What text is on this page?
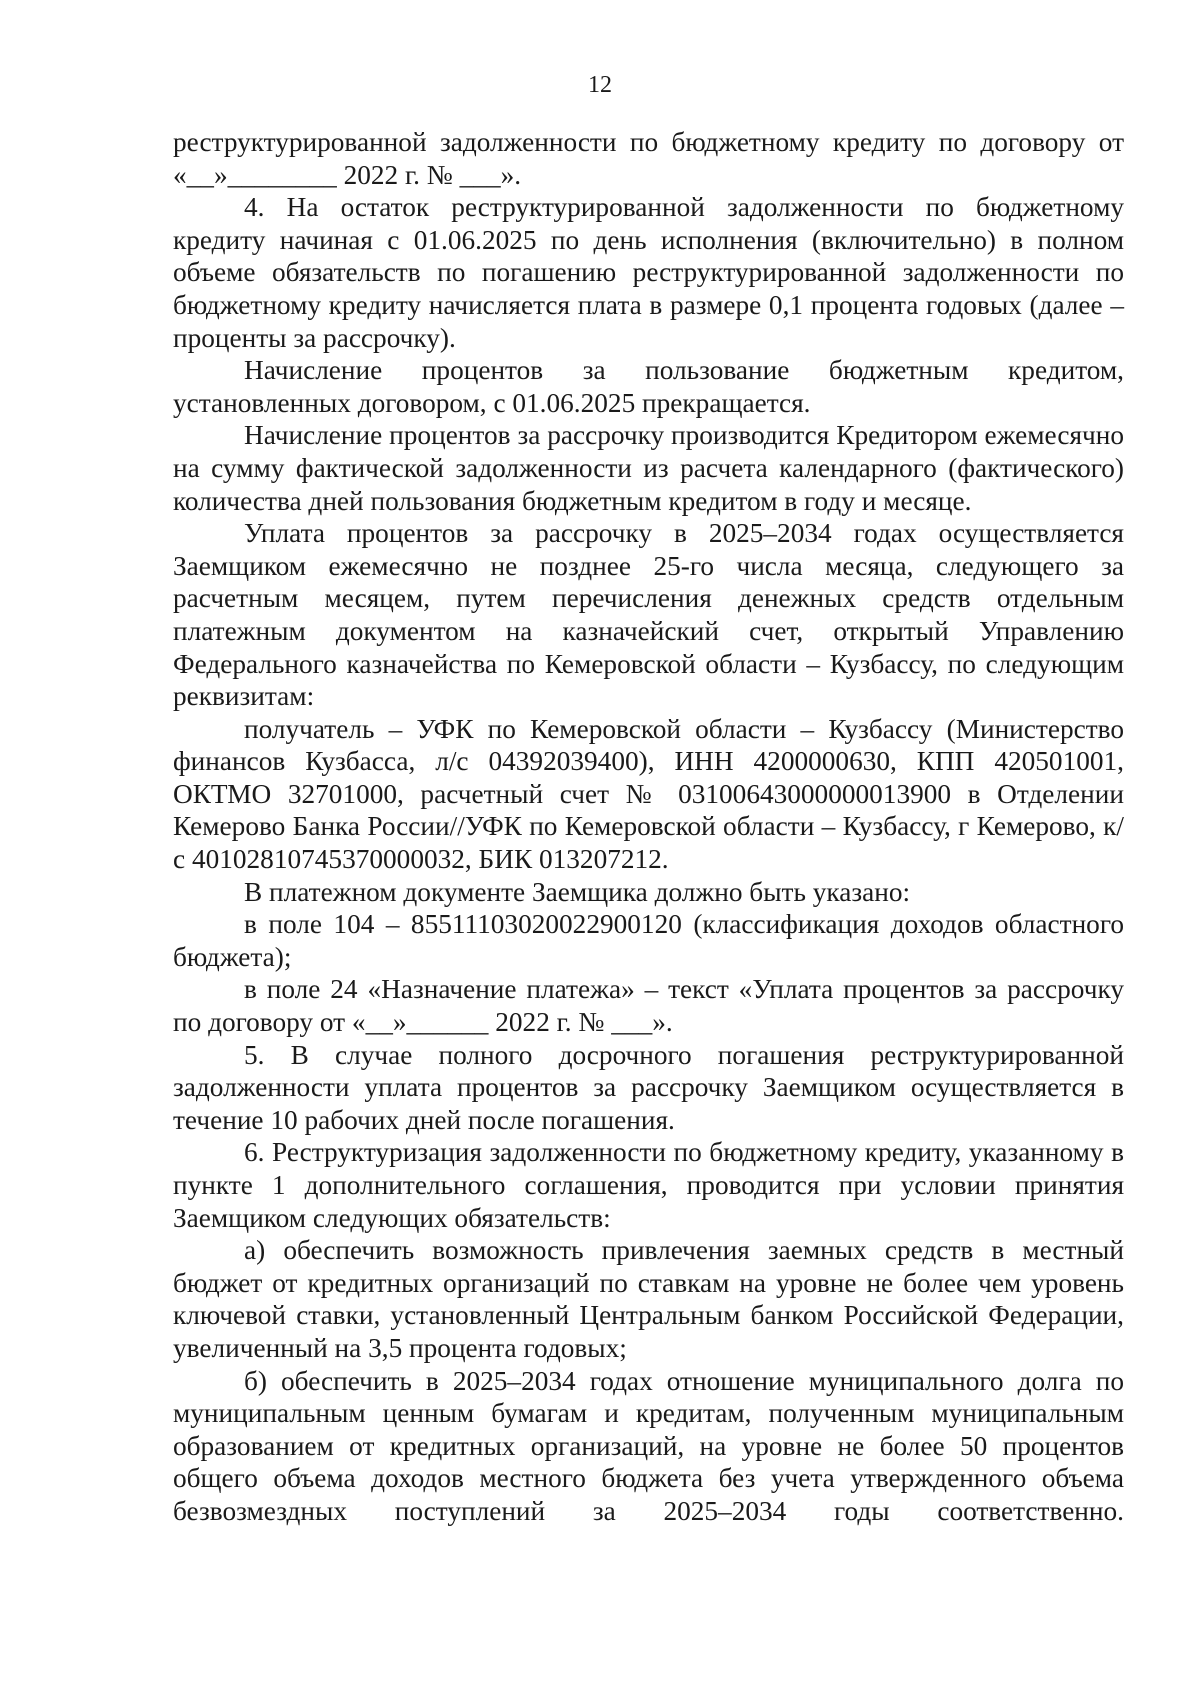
12

реструктурированной задолженности по бюджетному кредиту по договору от «__»________ 2022 г. № ___».

4. На остаток реструктурированной задолженности по бюджетному кредиту начиная с 01.06.2025 по день исполнения (включительно) в полном объеме обязательств по погашению реструктурированной задолженности по бюджетному кредиту начисляется плата в размере 0,1 процента годовых (далее – проценты за рассрочку).

Начисление процентов за пользование бюджетным кредитом, установленных договором, с 01.06.2025 прекращается.

Начисление процентов за рассрочку производится Кредитором ежемесячно на сумму фактической задолженности из расчета календарного (фактического) количества дней пользования бюджетным кредитом в году и месяце.

Уплата процентов за рассрочку в 2025–2034 годах осуществляется Заемщиком ежемесячно не позднее 25-го числа месяца, следующего за расчетным месяцем, путем перечисления денежных средств отдельным платежным документом на казначейский счет, открытый Управлению Федерального казначейства по Кемеровской области – Кузбассу, по следующим реквизитам:

получатель – УФК по Кемеровской области – Кузбассу (Министерство финансов Кузбасса, л/с 04392039400), ИНН 4200000630, КПП 420501001, ОКТМО 32701000, расчетный счет № 03100643000000013900 в Отделении Кемерово Банка России//УФК по Кемеровской области – Кузбассу, г Кемерово, к/с 40102810745370000032, БИК 013207212.

В платежном документе Заемщика должно быть указано:

в поле 104 – 85511103020022900120 (классификация доходов областного бюджета);

в поле 24 «Назначение платежа» – текст «Уплата процентов за рассрочку по договору от «__»______ 2022 г. № ___».

5. В случае полного досрочного погашения реструктурированной задолженности уплата процентов за рассрочку Заемщиком осуществляется в течение 10 рабочих дней после погашения.

6. Реструктуризация задолженности по бюджетному кредиту, указанному в пункте 1 дополнительного соглашения, проводится при условии принятия Заемщиком следующих обязательств:

а) обеспечить возможность привлечения заемных средств в местный бюджет от кредитных организаций по ставкам на уровне не более чем уровень ключевой ставки, установленный Центральным банком Российской Федерации, увеличенный на 3,5 процента годовых;

б) обеспечить в 2025–2034 годах отношение муниципального долга по муниципальным ценным бумагам и кредитам, полученным муниципальным образованием от кредитных организаций, на уровне не более 50 процентов общего объема доходов местного бюджета без учета утвержденного объема безвозмездных поступлений за 2025–2034 годы соответственно.
